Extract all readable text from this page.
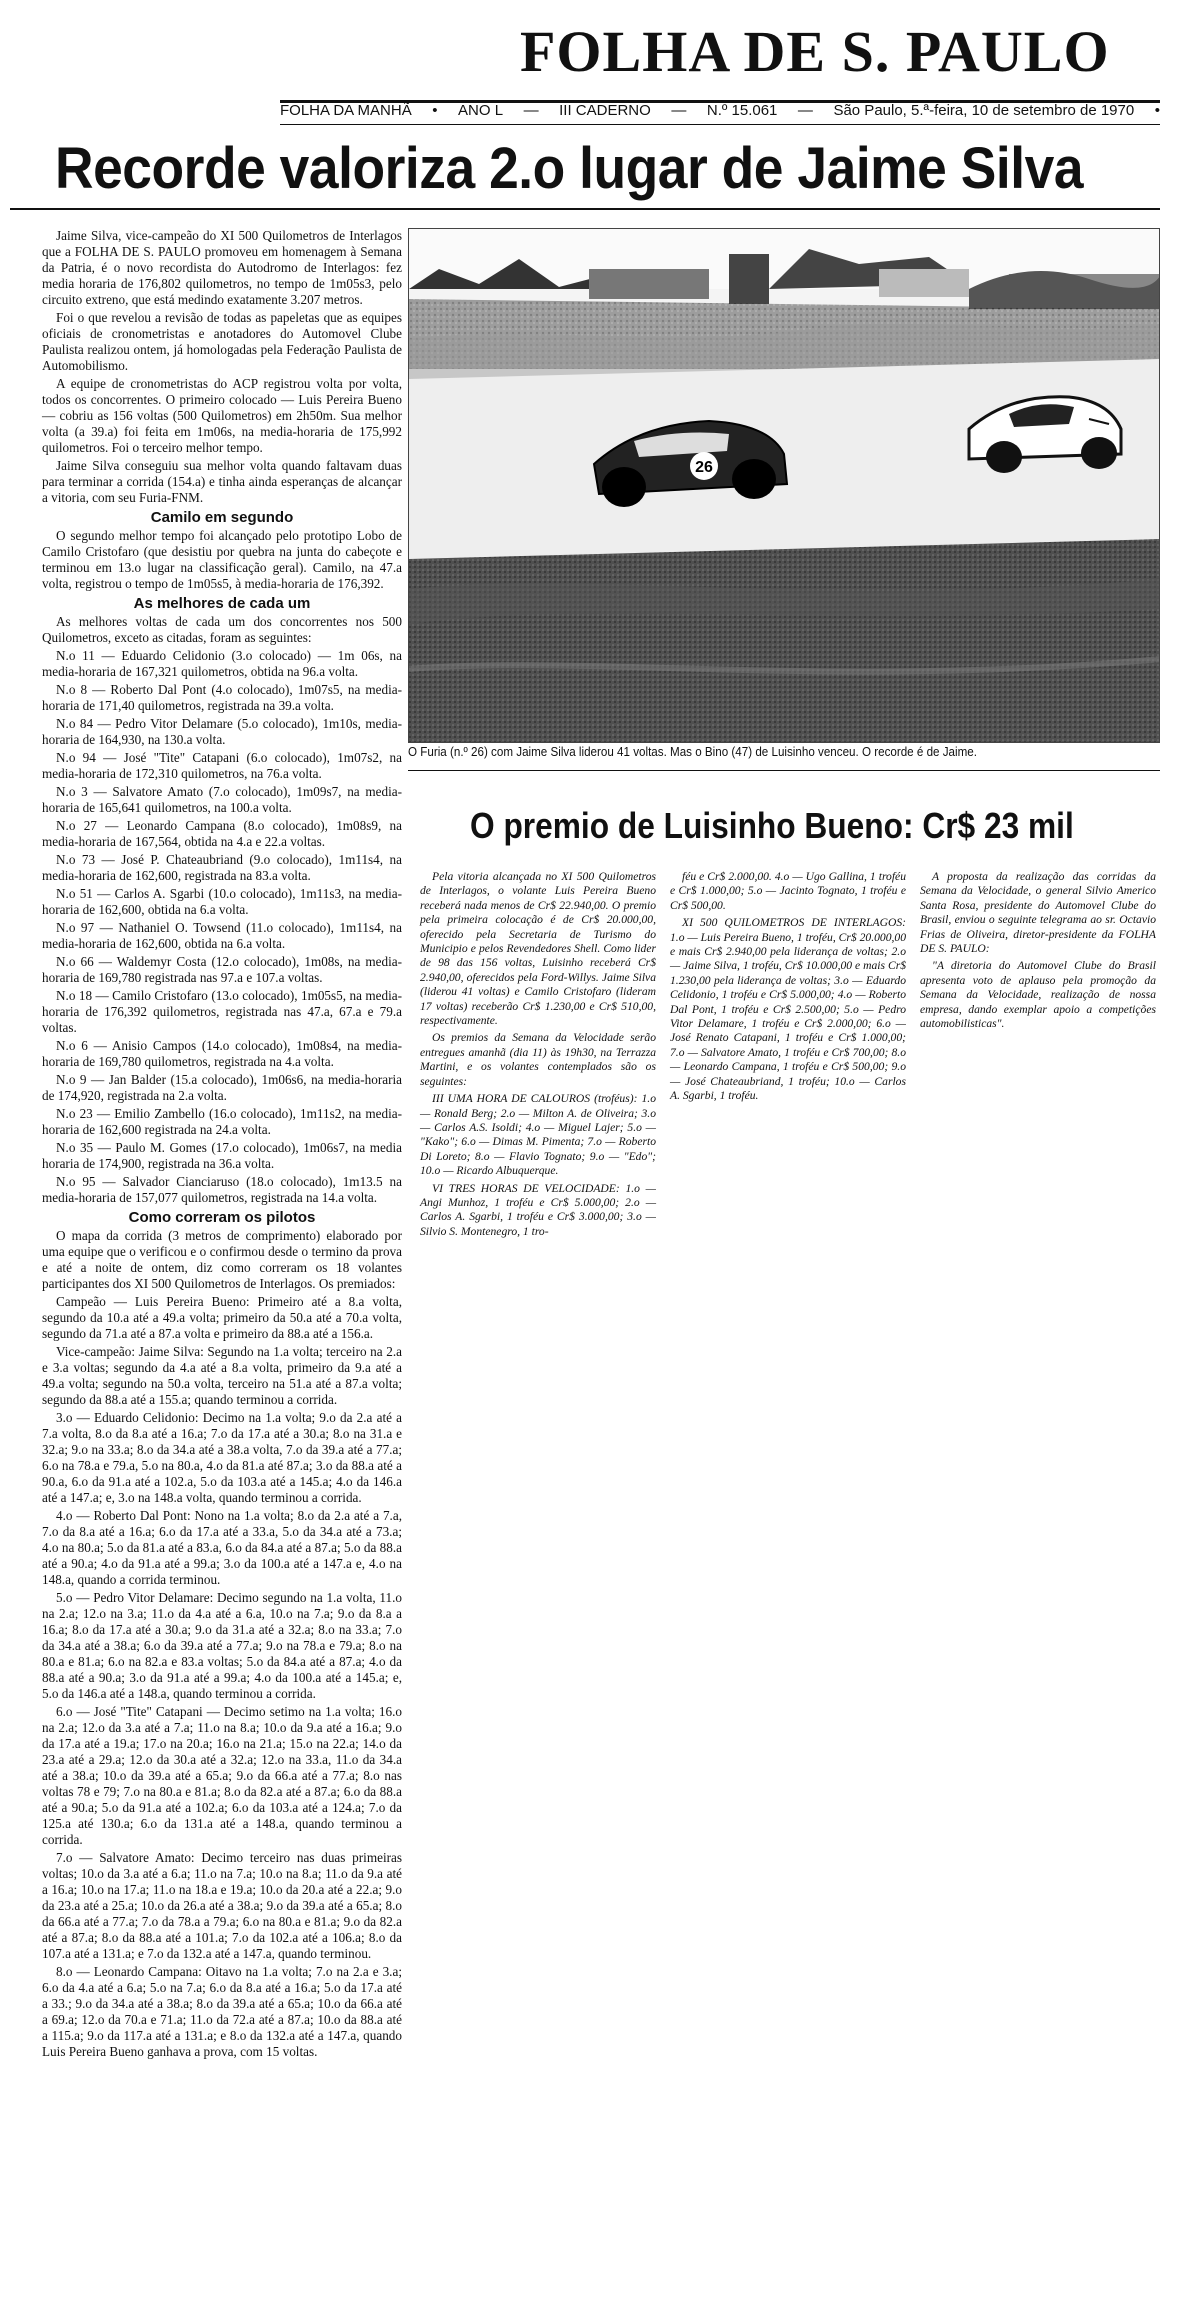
FOLHA DE S. PAULO
FOLHA DA MANHÃ • ANO L — III CADERNO — N.º 15.061 — São Paulo, 5.ª-feira, 10 de setembro de 1970 •
Recorde valoriza 2.o lugar de Jaime Silva

Jaime Silva, vice-campeão do XI 500 Quilometros de Interlagos que a FOLHA DE S. PAULO promoveu em homenagem à Semana da Patria, é o novo recordista do Autodromo de Interlagos: fez media horaria de 176,802 quilometros, no tempo de 1m05s3, pelo circuito extreno, que está medindo exatamente 3.207 metros.

Foi o que revelou a revisão de todas as papeletas que as equipes oficiais de cronometristas e anotadores do Automovel Clube Paulista realizou ontem, já homologadas pela Federação Paulista de Automobilismo.

A equipe de cronometristas do ACP registrou volta por volta, todos os concorrentes. O primeiro colocado — Luis Pereira Bueno — cobriu as 156 voltas (500 Quilometros) em 2h50m. Sua melhor volta (a 39.a) foi feita em 1m06s, na media-horaria de 175,992 quilometros. Foi o terceiro melhor tempo.

Jaime Silva conseguiu sua melhor volta quando faltavam duas para terminar a corrida (154.a) e tinha ainda esperanças de alcançar a vitoria, com seu Furia-FNM.

Camilo em segundo

O segundo melhor tempo foi alcançado pelo prototipo Lobo de Camilo Cristofaro (que desistiu por quebra na junta do cabeçote e terminou em 13.o lugar na classificação geral). Camilo, na 47.a volta, registrou o tempo de 1m05s5, à media-horaria de 176,392.

As melhores de cada um

As melhores voltas de cada um dos concorrentes nos 500 Quilometros, exceto as citadas, foram as seguintes:

N.o 11 — Eduardo Celidonio (3.o colocado) — 1m 06s, na media-horaria de 167,321 quilometros, obtida na 96.a volta.

N.o 8 — Roberto Dal Pont (4.o colocado), 1m07s5, na media-horaria de 171,40 quilometros, registrada na 39.a volta.

N.o 84 — Pedro Vitor Delamare (5.o colocado), 1m10s, media-horaria de 164,930, na 130.a volta.

N.o 94 — José "Tite" Catapani (6.o colocado), 1m07s2, na media-horaria de 172,310 quilometros, na 76.a volta.

N.o 3 — Salvatore Amato (7.o colocado), 1m09s7, na media-horaria de 165,641 quilometros, na 100.a volta.

N.o 27 — Leonardo Campana (8.o colocado), 1m08s9, na media-horaria de 167,564, obtida na 4.a e 22.a voltas.

N.o 73 — José P. Chateaubriand (9.o colocado), 1m11s4, na media-horaria de 162,600, registrada na 83.a volta.

N.o 51 — Carlos A. Sgarbi (10.o colocado), 1m11s3, na media-horaria de 162,600, obtida na 6.a volta.

N.o 97 — Nathaniel O. Towsend (11.o colocado), 1m11s4, na media-horaria de 162,600, obtida na 6.a volta.

N.o 66 — Waldemyr Costa (12.o colocado), 1m08s, na media-horaria de 169,780 registrada nas 97.a e 107.a voltas.

N.o 18 — Camilo Cristofaro (13.o colocado), 1m05s5, na media-horaria de 176,392 quilometros, registrada nas 47.a, 67.a e 79.a voltas.

N.o 6 — Anisio Campos (14.o colocado), 1m08s4, na media-horaria de 169,780 quilometros, registrada na 4.a volta.

N.o 9 — Jan Balder (15.a colocado), 1m06s6, na media-horaria de 174,920, registrada na 2.a volta.

N.o 23 — Emilio Zambello (16.o colocado), 1m11s2, na media-horaria de 162,600 registrada na 24.a volta.

N.o 35 — Paulo M. Gomes (17.o colocado), 1m06s7, na media horaria de 174,900, registrada na 36.a volta.

N.o 95 — Salvador Cianciaruso (18.o colocado), 1m13.5 na media-horaria de 157,077 quilometros, registrada na 14.a volta.

Como correram os pilotos

O mapa da corrida (3 metros de comprimento) elaborado por uma equipe que o verificou e o confirmou desde o termino da prova e até a noite de ontem, diz como correram os 18 volantes participantes dos XI 500 Quilometros de Interlagos. Os premiados:

Campeão — Luis Pereira Bueno: Primeiro até a 8.a volta, segundo da 10.a até a 49.a volta; primeiro da 50.a até a 70.a volta, segundo da 71.a até a 87.a volta e primeiro da 88.a até a 156.a.

Vice-campeão: Jaime Silva: Segundo na 1.a volta; terceiro na 2.a e 3.a voltas; segundo da 4.a até a 8.a volta, primeiro da 9.a até a 49.a volta; segundo na 50.a volta, terceiro na 51.a até a 87.a volta; segundo da 88.a até a 155.a; quando terminou a corrida.

3.o — Eduardo Celidonio: Decimo na 1.a volta; 9.o da 2.a até a 7.a volta, 8.o da 8.a até a 16.a; 7.o da 17.a até a 30.a; 8.o na 31.a e 32.a; 9.o na 33.a; 8.o da 34.a até a 38.a volta, 7.o da 39.a até a 77.a; 6.o na 78.a e 79.a, 5.o na 80.a, 4.o da 81.a até 87.a; 3.o da 88.a até a 90.a, 6.o da 91.a até a 102.a, 5.o da 103.a até a 145.a; 4.o da 146.a até a 147.a; e, 3.o na 148.a volta, quando terminou a corrida.

4.o — Roberto Dal Pont: Nono na 1.a volta; 8.o da 2.a até a 7.a, 7.o da 8.a até a 16.a; 6.o da 17.a até a 33.a, 5.o da 34.a até a 73.a; 4.o na 80.a; 5.o da 81.a até a 83.a, 6.o da 84.a até a 87.a; 5.o da 88.a até a 90.a; 4.o da 91.a até a 99.a; 3.o da 100.a até a 147.a e, 4.o na 148.a, quando a corrida terminou.

5.o — Pedro Vitor Delamare: Decimo segundo na 1.a volta, 11.o na 2.a; 12.o na 3.a; 11.o da 4.a até a 6.a, 10.o na 7.a; 9.o da 8.a a 16.a; 8.o da 17.a até a 30.a; 9.o da 31.a até a 32.a; 8.o na 33.a; 7.o da 34.a até a 38.a; 6.o da 39.a até a 77.a; 9.o na 78.a e 79.a; 8.o na 80.a e 81.a; 6.o na 82.a e 83.a voltas; 5.o da 84.a até a 87.a; 4.o da 88.a até a 90.a; 3.o da 91.a até a 99.a; 4.o da 100.a até a 145.a; e, 5.o da 146.a até a 148.a, quando terminou a corrida.

6.o — José "Tite" Catapani — Decimo setimo na 1.a volta; 16.o na 2.a; 12.o da 3.a até a 7.a; 11.o na 8.a; 10.o da 9.a até a 16.a; 9.o da 17.a até a 19.a; 17.o na 20.a; 16.o na 21.a; 15.o na 22.a; 14.o da 23.a até a 29.a; 12.o da 30.a até a 32.a; 12.o na 33.a, 11.o da 34.a até a 38.a; 10.o da 39.a até a 65.a; 9.o da 66.a até a 77.a; 8.o nas voltas 78 e 79; 7.o na 80.a e 81.a; 8.o da 82.a até a 87.a; 6.o da 88.a até a 90.a; 5.o da 91.a até a 102.a; 6.o da 103.a até a 124.a; 7.o da 125.a até 130.a; 6.o da 131.a até a 148.a, quando terminou a corrida.

7.o — Salvatore Amato: Decimo terceiro nas duas primeiras voltas; 10.o da 3.a até a 6.a; 11.o na 7.a; 10.o na 8.a; 11.o da 9.a até a 16.a; 10.o na 17.a; 11.o na 18.a e 19.a; 10.o da 20.a até a 22.a; 9.o da 23.a até a 25.a; 10.o da 26.a até a 38.a; 9.o da 39.a até a 65.a; 8.o da 66.a até a 77.a; 7.o da 78.a a 79.a; 6.o na 80.a e 81.a; 9.o da 82.a até a 87.a; 8.o da 88.a até a 101.a; 7.o da 102.a até a 106.a; 8.o da 107.a até a 131.a; e 7.o da 132.a até a 147.a, quando terminou.

8.o — Leonardo Campana: Oitavo na 1.a volta; 7.o na 2.a e 3.a; 6.o da 4.a até a 6.a; 5.o na 7.a; 6.o da 8.a até a 16.a; 5.o da 17.a até a 33.; 9.o da 34.a até a 38.a; 8.o da 39.a até a 65.a; 10.o da 66.a até a 69.a; 12.o da 70.a e 71.a; 11.o da 72.a até a 87.a; 10.o da 88.a até a 115.a; 9.o da 117.a até a 131.a; e 8.o da 132.a até a 147.a, quando Luis Pereira Bueno ganhava a prova, com 15 voltas.

26
O Furia (n.º 26) com Jaime Silva liderou 41 voltas. Mas o Bino (47) de Luisinho venceu. O recorde é de Jaime.
O premio de Luisinho Bueno: Cr$ 23 mil

Pela vitoria alcançada no XI 500 Quilometros de Interlagos, o volante Luis Pereira Bueno receberá nada menos de Cr$ 22.940,00. O premio pela primeira colocação é de Cr$ 20.000,00, oferecido pela Secretaria de Turismo do Municipio e pelos Revendedores Shell. Como lider de 98 das 156 voltas, Luisinho receberá Cr$ 2.940,00, oferecidos pela Ford-Willys. Jaime Silva (liderou 41 voltas) e Camilo Cristofaro (lideram 17 voltas) receberão Cr$ 1.230,00 e Cr$ 510,00, respectivamente.

Os premios da Semana da Velocidade serão entregues amanhã (dia 11) às 19h30, na Terrazza Martini, e os volantes contemplados são os seguintes:

III UMA HORA DE CALOUROS (troféus): 1.o — Ronald Berg; 2.o — Milton A. de Oliveira; 3.o — Carlos A.S. Isoldi; 4.o — Miguel Lajer; 5.o — "Kako"; 6.o — Dimas M. Pimenta; 7.o — Roberto Di Loreto; 8.o — Flavio Tognato; 9.o — "Edo"; 10.o — Ricardo Albuquerque.

VI TRES HORAS DE VELOCIDADE: 1.o — Angi Munhoz, 1 troféu e Cr$ 5.000,00; 2.o — Carlos A. Sgarbi, 1 troféu e Cr$ 3.000,00; 3.o — Silvio S. Montenegro, 1 tro-

féu e Cr$ 2.000,00. 4.o — Ugo Gallina, 1 troféu e Cr$ 1.000,00; 5.o — Jacinto Tognato, 1 troféu e Cr$ 500,00.

XI 500 QUILOMETROS DE INTERLAGOS: 1.o — Luis Pereira Bueno, 1 troféu, Cr$ 20.000,00 e mais Cr$ 2.940,00 pela liderança de voltas; 2.o — Jaime Silva, 1 troféu, Cr$ 10.000,00 e mais Cr$ 1.230,00 pela liderança de voltas; 3.o — Eduardo Celidonio, 1 troféu e Cr$ 5.000,00; 4.o — Roberto Dal Pont, 1 troféu e Cr$ 2.500,00; 5.o — Pedro Vitor Delamare, 1 troféu e Cr$ 2.000,00; 6.o — José Renato Catapani, 1 troféu e Cr$ 1.000,00; 7.o — Salvatore Amato, 1 troféu e Cr$ 700,00; 8.o — Leonardo Campana, 1 troféu e Cr$ 500,00; 9.o — José Chateaubriand, 1 troféu; 10.o — Carlos A. Sgarbi, 1 troféu.

A proposta da realização das corridas da Semana da Velocidade, o general Silvio Americo Santa Rosa, presidente do Automovel Clube do Brasil, enviou o seguinte telegrama ao sr. Octavio Frias de Oliveira, diretor-presidente da FOLHA DE S. PAULO:

"A diretoria do Automovel Clube do Brasil apresenta voto de aplauso pela promoção da Semana da Velocidade, realização de nossa empresa, dando exemplar apoio a competições automobilisticas".
